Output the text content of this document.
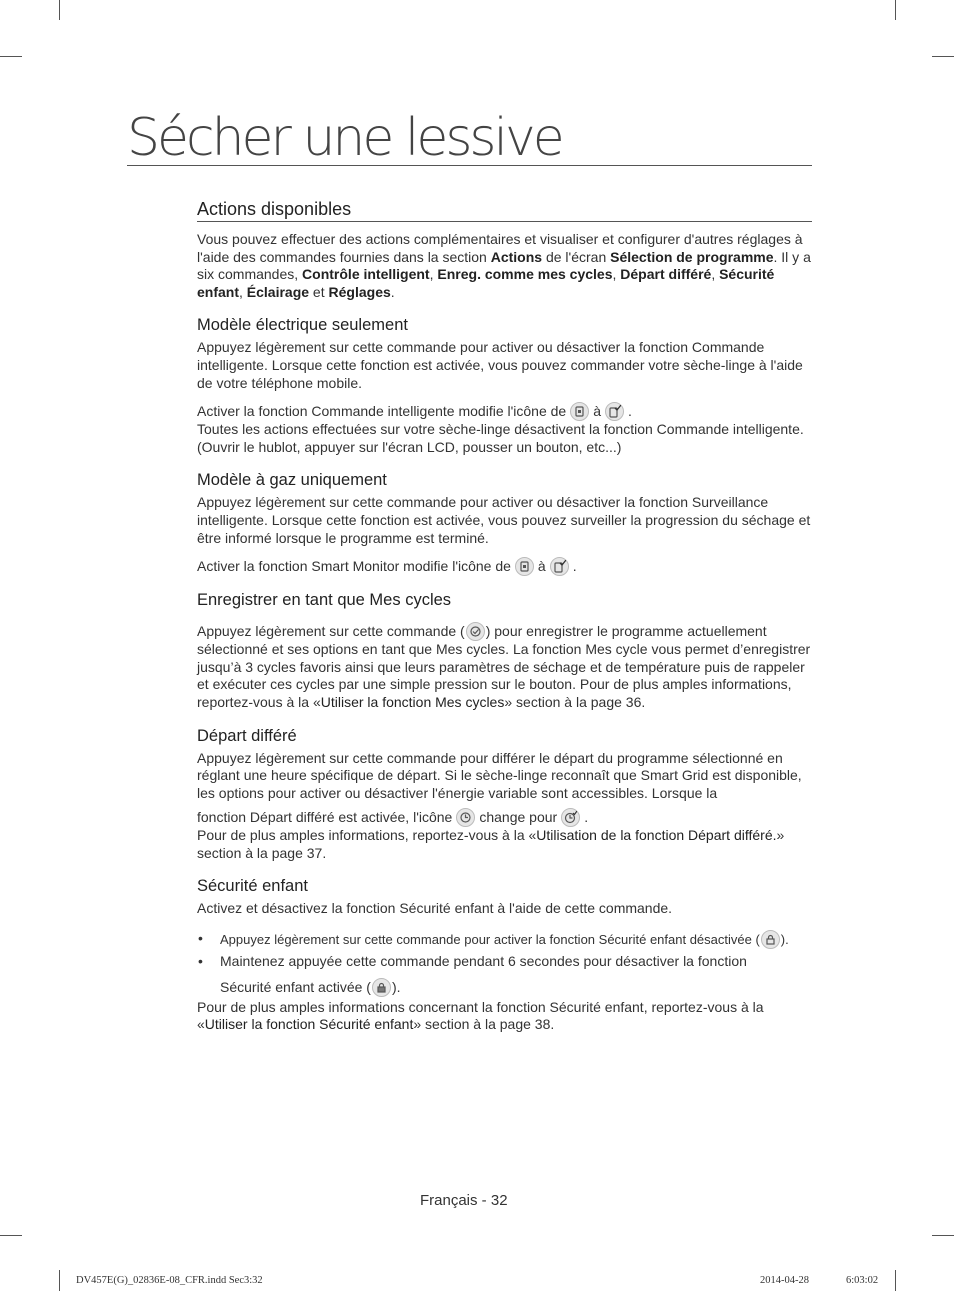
Sécher une lessive
Actions disponibles

Vous pouvez effectuer des actions complémentaires et visualiser et configurer d'autres réglages à l'aide des commandes fournies dans la section Actions de l'écran Sélection de programme. Il y a six commandes, Contrôle intelligent, Enreg. comme mes cycles, Départ différé, Sécurité enfant, Éclairage et Réglages.

Modèle électrique seulement

Appuyez légèrement sur cette commande pour activer ou désactiver la fonction Commande intelligente. Lorsque cette fonction est activée, vous pouvez commander votre sèche-linge à l'aide de votre téléphone mobile.

Activer la fonction Commande intelligente modifie l'icône de à .

Toutes les actions effectuées sur votre sèche-linge désactivent la fonction Commande intelligente. (Ouvrir le hublot, appuyer sur l'écran LCD, pousser un bouton, etc...)

Modèle à gaz uniquement

Appuyez légèrement sur cette commande pour activer ou désactiver la fonction Surveillance intelligente. Lorsque cette fonction est activée, vous pouvez surveiller la progression du séchage et être informé lorsque le programme est terminé.

Activer la fonction Smart Monitor modifie l'icône de à .

Enregistrer en tant que Mes cycles

Appuyez légèrement sur cette commande ( ) pour enregistrer le programme actuellement sélectionné et ses options en tant que Mes cycles. La fonction Mes cycle vous permet d’enregistrer jusqu’à 3 cycles favoris ainsi que leurs paramètres de séchage et de température puis de rappeler et exécuter ces cycles par une simple pression sur le bouton. Pour de plus amples informations, reportez-vous à la «Utiliser la fonction Mes cycles» section à la page 36.

Départ différé

Appuyez légèrement sur cette commande pour différer le départ du programme sélectionné en réglant une heure spécifique de départ. Si le sèche-linge reconnaît que Smart Grid est disponible, les options pour activer ou désactiver l'énergie variable sont accessibles. Lorsque la

fonction Départ différé est activée, l'icône change pour .

Pour de plus amples informations, reportez-vous à la «Utilisation de la fonction Départ différé.» section à la page 37.

Sécurité enfant

Activez et désactivez la fonction Sécurité enfant à l'aide de cette commande.

• Appuyez légèrement sur cette commande pour activer la fonction Sécurité enfant désactivée ( ).
• Maintenez appuyée cette commande pendant 6 secondes pour désactiver la fonction
Sécurité enfant activée ( ).

Pour de plus amples informations concernant la fonction Sécurité enfant, reportez-vous à la «Utiliser la fonction Sécurité enfant» section à la page 38.

Français - 32
DV457E(G)_02836E-08_CFR.indd Sec3:32	2014-04-28	6:03:02
